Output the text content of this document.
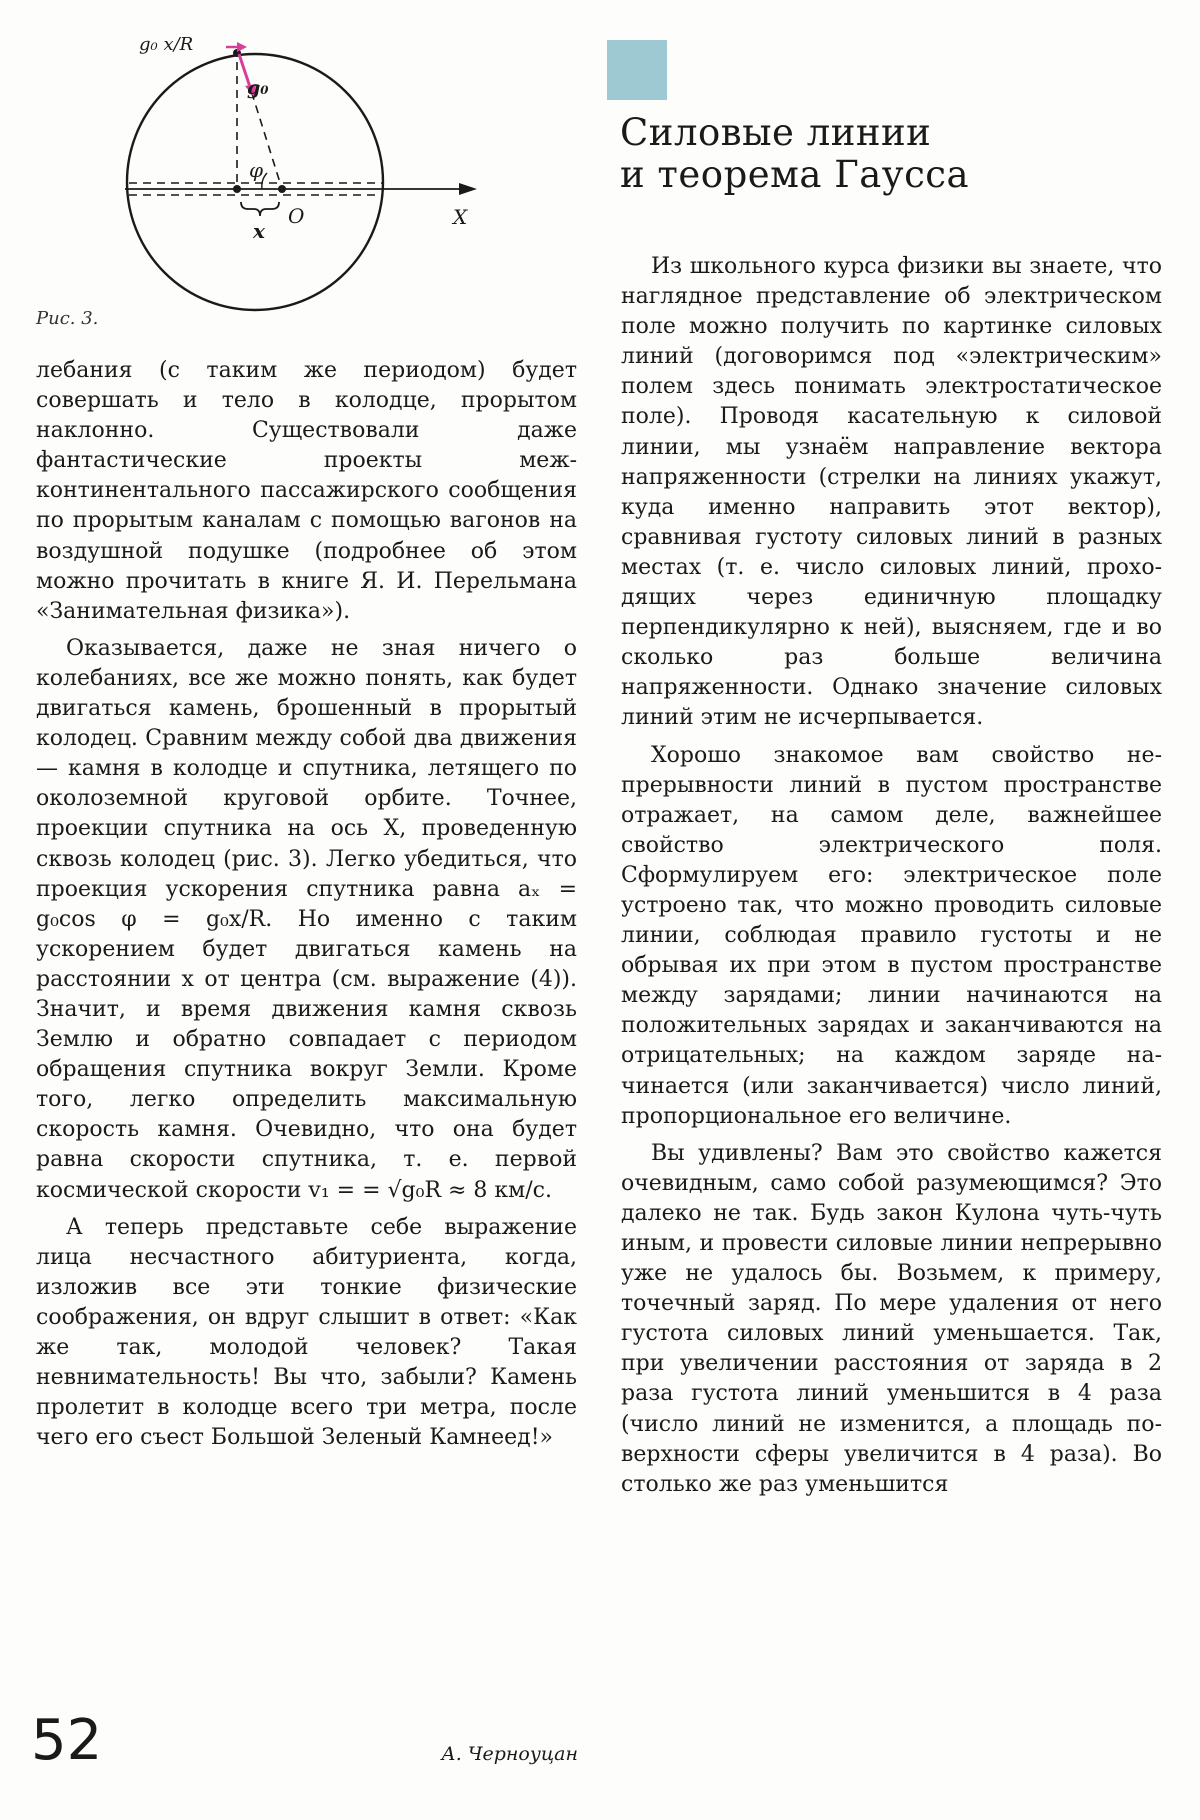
g₀ x/R
g₀
φ
O	X
x
Рис. 3.

лебания (с таким же периодом) будет совершать и тело в колодце, прорытом наклонно. Существовали даже фантастические проекты межконтинентального пассажирского сообщения по прорытым каналам с помощью вагонов на воздушной подушке (подробнее об этом можно прочитать в книге Я. И. Перельмана «Занимательная физика»).

Оказывается, даже не зная ничего о колебаниях, все же можно понять, как будет двигаться камень, брошенный в прорытый колодец. Сравним между собой два движения — камня в колодце и спутника, летящего по околоземной круговой орбите. Точнее, проекции спутника на ось X, проведенную сквозь колодец (рис. 3). Легко убедиться, что проекция ускорения спутника равна aₓ = g₀cos φ = g₀x/R. Но именно с таким ускорением будет двигаться камень на расстоянии x от центра (см. выражение (4)). Значит, и время движения камня сквозь Землю и обратно совпадает с периодом обращения спутника вокруг Земли. Кроме того, легко определить максимальную скорость камня. Очевидно, что она будет равна скорости спутника, т. е. первой космической скорости v₁ = = √g₀R ≈ 8 км/с.

А теперь представьте себе выражение лица несчастного абитуриента, когда, изложив все эти тонкие физические соображения, он вдруг слышит в ответ: «Как же так, молодой человек? Такая невнимательность! Вы что, забыли? Камень пролетит в колодце всего три метра, после чего его съест Большой Зеленый Камнеед!»

А. Черноуцан
Силовые линии
и теорема Гаусса

Из школьного курса физики вы знаете, что наглядное представление об электрическом поле можно получить по картинке силовых линий (договоримся под «электрическим» полем здесь понимать электростатическое поле). Проводя касательную к силовой линии, мы узнаём направление вектора напряженности (стрелки на линиях укажут, куда именно направить этот вектор), сравнивая густоту силовых линий в разных местах (т. е. число силовых линий, проходящих через единичную площадку перпендикулярно к ней), выясняем, где и во сколько раз больше величина напряженности. Однако значение силовых линий этим не исчерпывается.

Хорошо знакомое вам свойство непрерывности линий в пустом пространстве отражает, на самом деле, важнейшее свойство электрического поля. Сформулируем его: электрическое поле устроено так, что можно проводить силовые линии, соблюдая правило густоты и не обрывая их при этом в пустом пространстве между зарядами; линии начинаются на положительных зарядах и заканчиваются на отрицательных; на каждом заряде начинается (или заканчивается) число линий, пропорциональное его величине.

Вы удивлены? Вам это свойство кажется очевидным, само собой разумеющимся? Это далеко не так. Будь закон Кулона чуть-чуть иным, и провести силовые линии непрерывно уже не удалось бы. Возьмем, к примеру, точечный заряд. По мере удаления от него густота силовых линий уменьшается. Так, при увеличении расстояния от заряда в 2 раза густота линий уменьшится в 4 раза (число линий не изменится, а площадь поверхности сферы увеличится в 4 раза). Во столько же раз уменьшится

52
